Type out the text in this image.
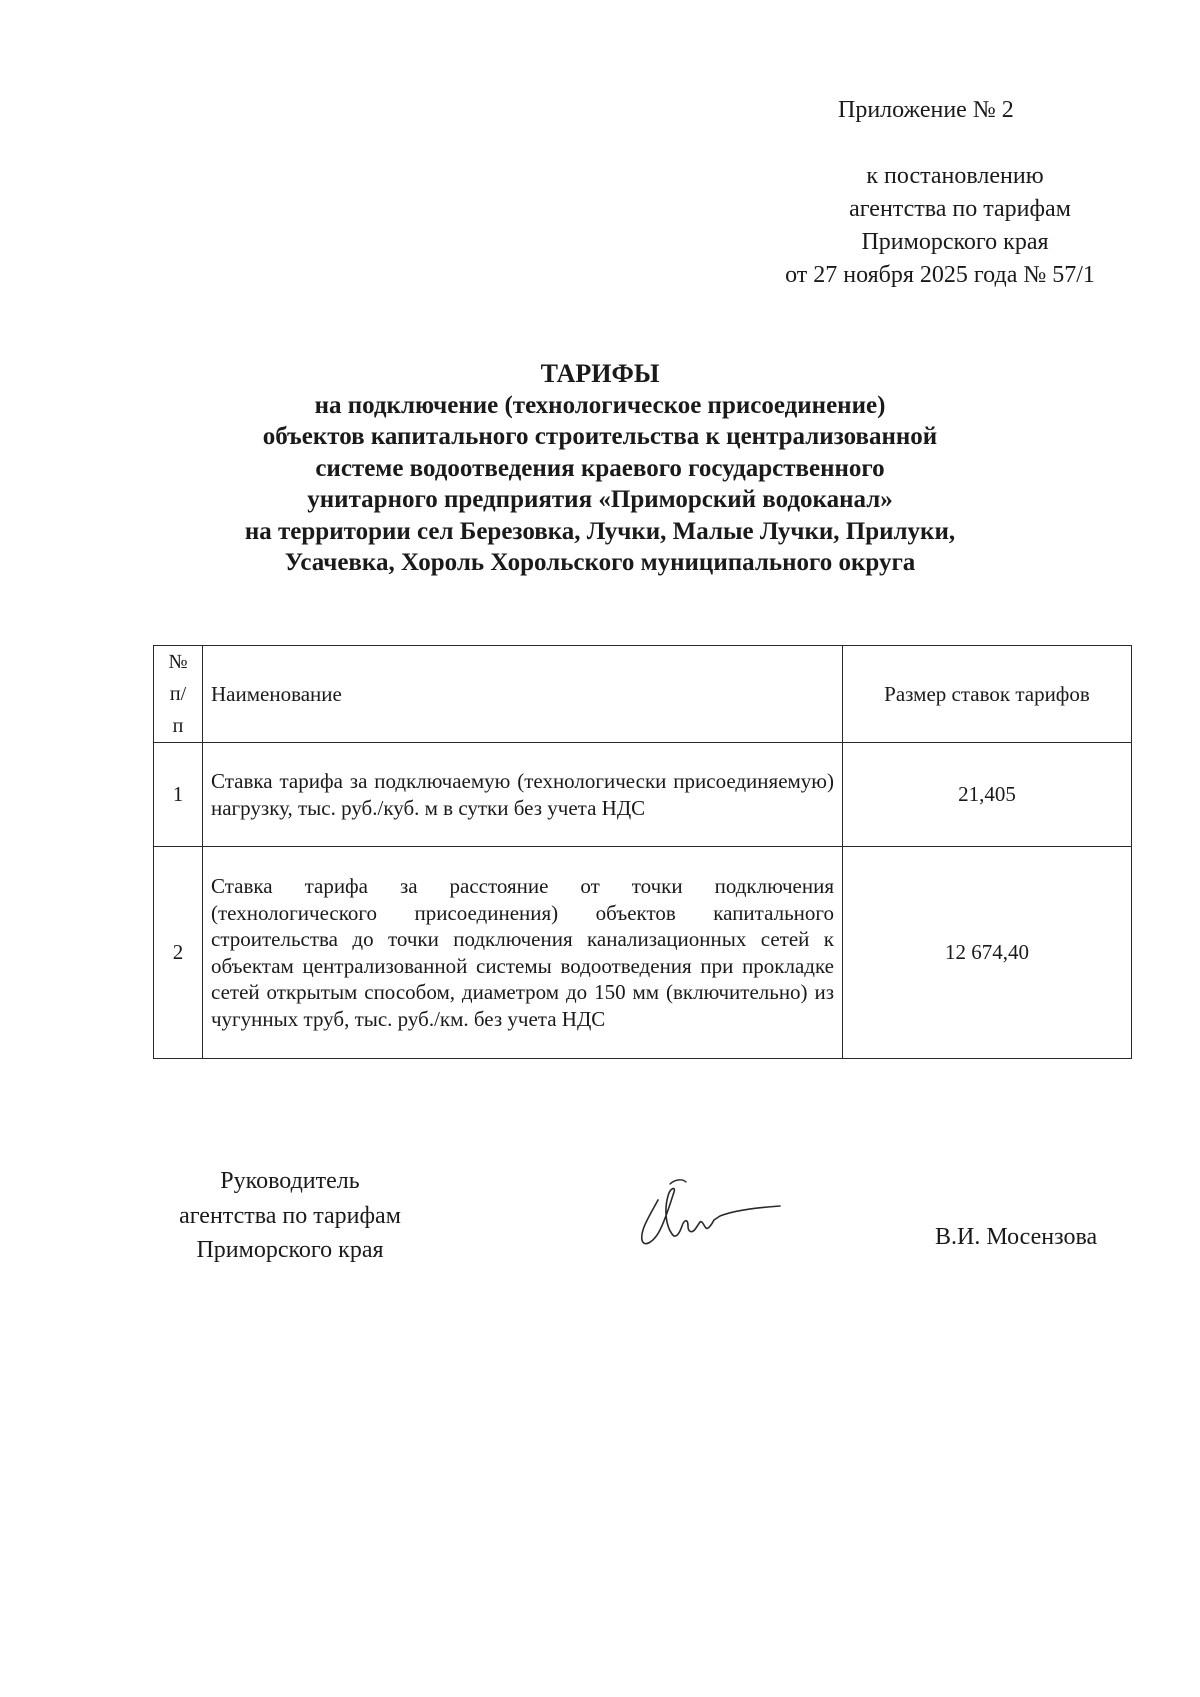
Приложение № 2
к постановлению
агентства по тарифам
Приморского края
от 27 ноября 2025 года № 57/1
ТАРИФЫ
на подключение (технологическое присоединение)
объектов капитального строительства к централизованной
системе водоотведения краевого государственного
унитарного предприятия «Приморский водоканал»
на территории сел Березовка, Лучки, Малые Лучки, Прилуки,
Усачевка, Хороль Хорольского муниципального округа
№
п/
п	Наименование	Размер ставок тарифов
1	Ставка тарифа за подключаемую (технологически присоединяемую) нагрузку, тыс. руб./куб. м в сутки без учета НДС	21,405
2	Ставка тарифа за расстояние от точки подключения (технологического присоединения) объектов капитального строительства до точки подключения канализационных сетей к объектам централизованной системы водоотведения при прокладке сетей открытым способом, диаметром до 150 мм (включительно) из чугунных труб, тыс. руб./км. без учета НДС	12 674,40
Руководитель
агентства по тарифам
Приморского края	В.И. Мосензова
